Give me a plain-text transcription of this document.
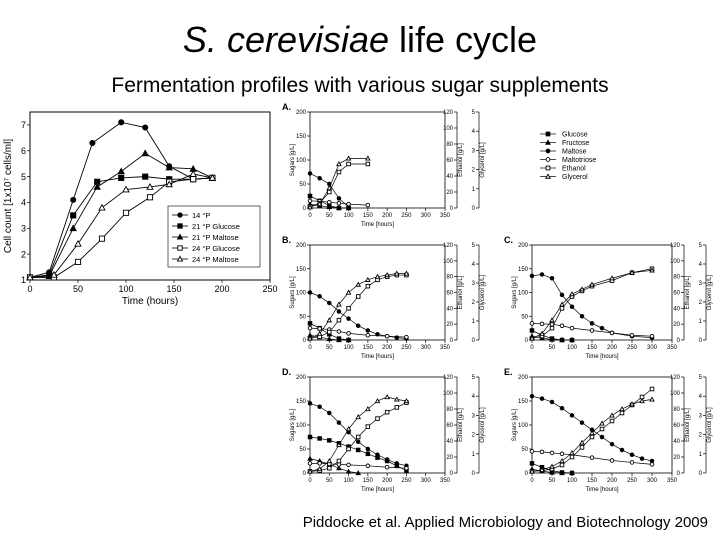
S. cerevisiae life cycle
Fermentation profiles with various sugar supplements
0	50	100	150	200	250
1
2
3
4
5
6
7
Time (hours)
Cell count [1x10⁷ cells/ml]	14 °P
21 °P Glucose
21 °P Maltose
24 °P Glucose
24 °P Maltose
Glucose
Fructose
Maltose
Maltotriose
Ethanol
Glycerol
0 50 100 150 200 250 300 350
0
50
100
150
200
Time [hours]
Sugars [g/L]
0
20
40
60
80
100
120
Ethanol [g/L]
0
1
2
3
4
5
Glycerol [g/L]
A.
0 50 100 150 200 250 300 350
0
50
100
150
200
Time [hours]
Sugars [g/L]
0
20
40
60
80
100
120
Ethanol [g/L]
0
1
2
3
4
5
Glycerol [g/L]
B.
0 50 100 150 200 250 300 350
0
50
100
150
200
Time [hours]
Sugars [g/L]
0
20
40
60
80
100
120
Ethanol [g/L]
0
1
2
3
4
5
Glycerol [g/L]
C.
0 50 100 150 200 250 300 350
0
50
100
150
200
Time [hours]
Sugars [g/L]
0
20
40
60
80
100
120
Ethanol [g/L]
0
1
2
3
4
5
Glycerol [g/L]
D.
0 50 100 150 200 250 300 350
0
50
100
150
200
Time [hours]
Sugars [g/L]
0
20
40
60
80
100
120
Ethanol [g/L]
0
1
2
3
4
5
Glycerol [g/L]
E.
Piddocke et al. Applied Microbiology and Biotechnology 2009
